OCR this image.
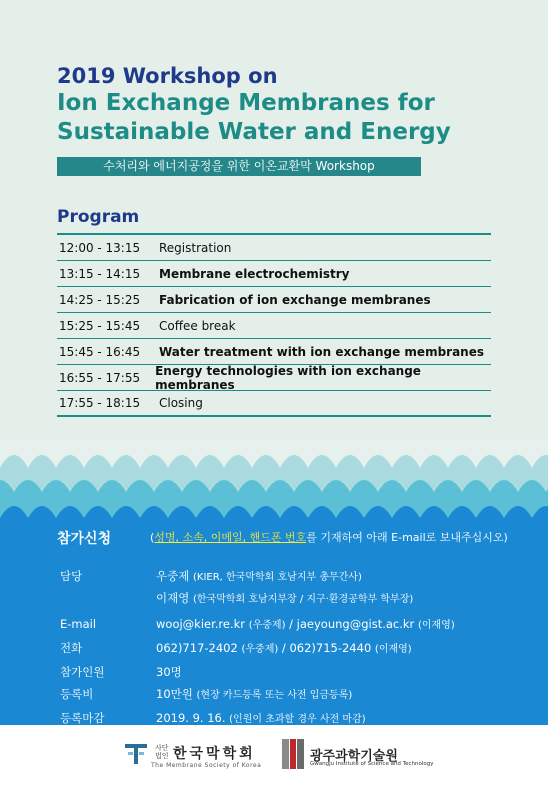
2019 Workshop on
Ion Exchange Membranes for
Sustainable Water and Energy
수처리와 에너지공정을 위한 이온교환막 Workshop
Program
12:00 - 13:15	Registration
13:15 - 14:15	Membrane electrochemistry
14:25 - 15:25	Fabrication of ion exchange membranes
15:25 - 15:45	Coffee break
15:45 - 16:45	Water treatment with ion exchange membranes
16:55 - 17:55	Energy technologies with ion exchange membranes
17:55 - 18:15	Closing
참가신청	(성명, 소속, 이메일, 핸드폰 번호를 기재하여 아래 E-mail로 보내주십시오)
담당	우중제 (KIER, 한국막학회 호남지부 총무간사)
이재영 (한국막학회 호남지부장 / 지구·환경공학부 학부장)
E-mail	wooj@kier.re.kr (우중제) / jaeyoung@gist.ac.kr (이재영)
전화	062)717-2402 (우중제) / 062)715-2440 (이재영)
참가인원	30명
등록비	10만원 (현장 카드등록 또는 사전 입금등록)
등록마감	2019. 9. 16. (인원이 초과할 경우 사전 마감)
사단법인 한국막학회
The Membrane Society of Korea
광주과학기술원
Gwangju Institute of Science and Technology
